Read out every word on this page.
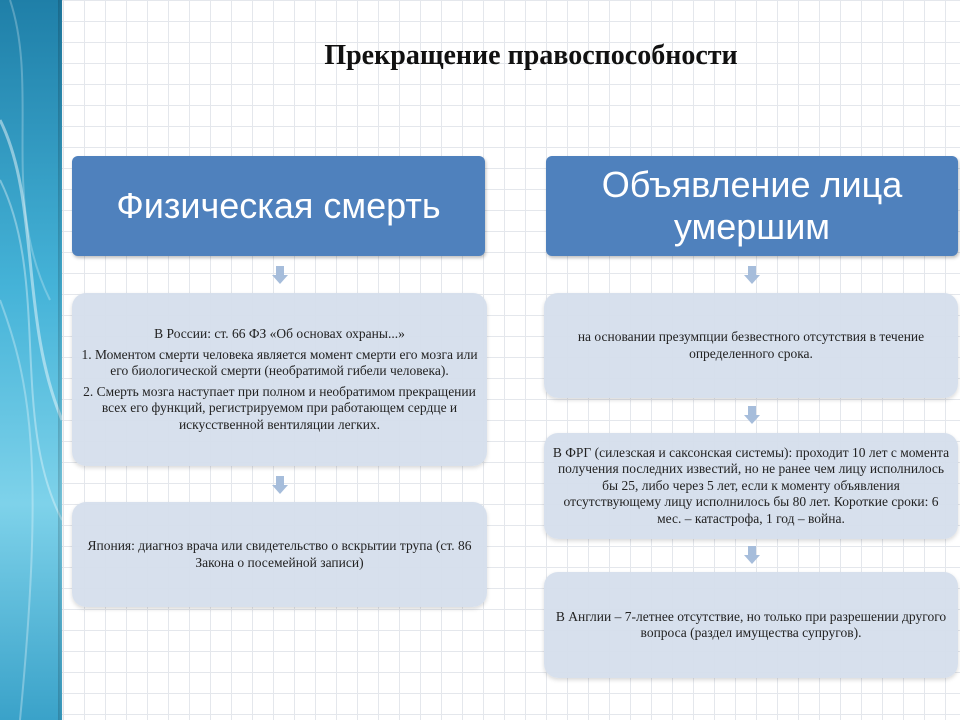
Прекращение правоспособности
Физическая смерть

В России: ст. 66 ФЗ «Об основах охраны...»

1. Моментом смерти человека является момент смерти его мозга или его биологической смерти (необратимой гибели человека).

2. Смерть мозга наступает при полном и необратимом прекращении всех его функций, регистрируемом при работающем сердце и искусственной вентиляции легких.

Япония: диагноз врача или свидетельство о вскрытии трупа (ст. 86 Закона о посемейной записи)

Объявление лица
умершим

на основании презумпции безвестного отсутствия в течение определенного срока.

В ФРГ (силезская и саксонская системы): проходит 10 лет с момента получения последних известий, но не ранее чем лицу исполнилось бы 25, либо через 5 лет, если к моменту объявления отсутствующему лицу исполнилось бы 80 лет. Короткие сроки: 6 мес. – катастрофа, 1 год – война.

В Англии – 7-летнее отсутствие, но только при разрешении другого вопроса (раздел имущества супругов).
